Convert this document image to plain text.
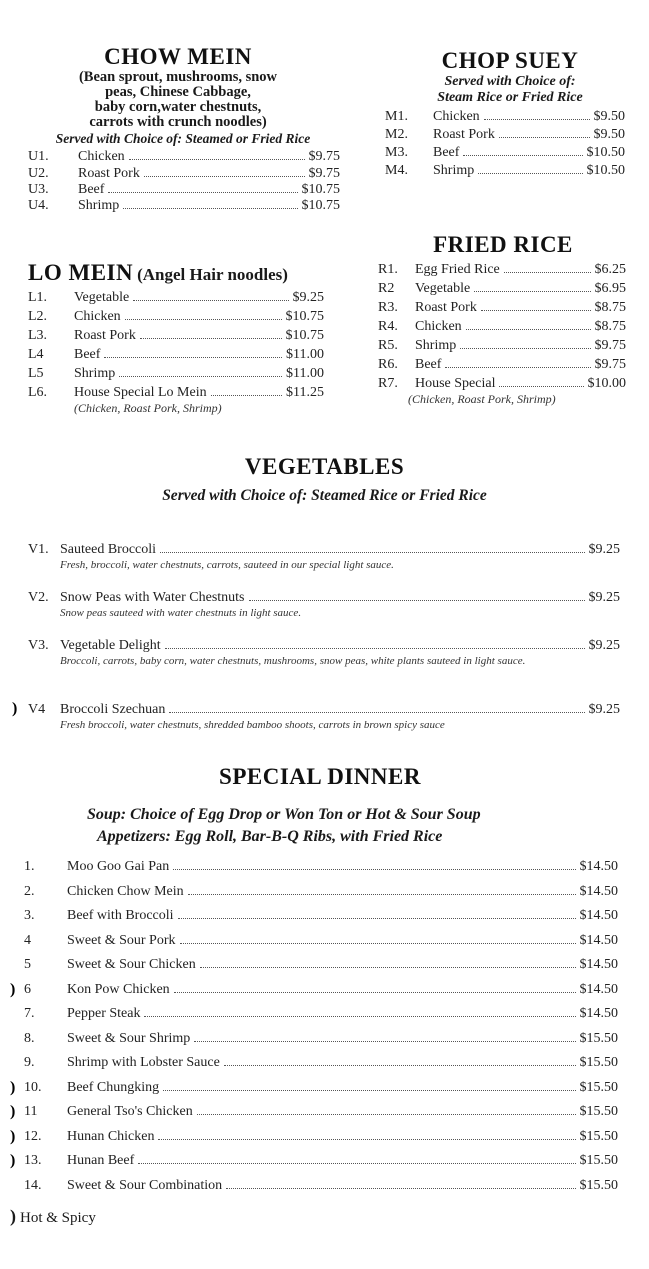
CHOW MEIN
(Bean sprout, mushrooms, snow
peas, Chinese Cabbage,
baby corn,water chestnuts,
carrots with crunch noodles)
Served with Choice of: Steamed or Fried Rice
U1.	Chicken	$9.75
U2.	Roast Pork	$9.75
U3.	Beef	$10.75
U4.	Shrimp	$10.75
CHOP SUEY
Served with Choice of:
Steam Rice or Fried Rice
M1.	Chicken	$9.50
M2.	Roast Pork	$9.50
M3.	Beef	$10.50
M4.	Shrimp	$10.50
LO MEIN (Angel Hair noodles)
L1.	Vegetable	$9.25
L2.	Chicken	$10.75
L3.	Roast Pork	$10.75
L4	Beef	$11.00
L5	Shrimp	$11.00
L6.	House Special Lo Mein	$11.25
(Chicken, Roast Pork, Shrimp)
FRIED RICE
R1.	Egg Fried Rice	$6.25
R2	Vegetable	$6.95
R3.	Roast Pork	$8.75
R4.	Chicken	$8.75
R5.	Shrimp	$9.75
R6.	Beef	$9.75
R7.	House Special	$10.00
(Chicken, Roast Pork, Shrimp)
VEGETABLES
Served with Choice of: Steamed Rice or Fried Rice
V1. Sauteed Broccoli	$9.25
Fresh, broccoli, water chestnuts, carrots, sauteed in our special light sauce.
V2. Snow Peas with Water Chestnuts	$9.25
Snow peas sauteed with water chestnuts in light sauce.
V3. Vegetable Delight	$9.25
Broccoli, carrots, baby corn, water chestnuts, mushrooms, snow peas, white plants sauteed in light sauce.
) V4	Broccoli Szechuan	$9.25
Fresh broccoli, water chestnuts, shredded bamboo shoots, carrots in brown spicy sauce
SPECIAL DINNER
Soup: Choice of Egg Drop or Won Ton or Hot & Sour Soup
Appetizers: Egg Roll, Bar-B-Q Ribs, with Fried Rice
1.	Moo Goo Gai Pan	$14.50
2.	Chicken Chow Mein	$14.50
3.	Beef with Broccoli	$14.50
4	Sweet & Sour Pork	$14.50
5	Sweet & Sour Chicken	$14.50
) 6	Kon Pow Chicken	$14.50
7.	Pepper Steak	$14.50
8.	Sweet & Sour Shrimp	$15.50
9.	Shrimp with Lobster Sauce	$15.50
) 10.	Beef Chungking	$15.50
) 11	General Tso's Chicken	$15.50
) 12.	Hunan Chicken	$15.50
) 13.	Hunan Beef	$15.50
14.	Sweet & Sour Combination	$15.50
) Hot & Spicy
